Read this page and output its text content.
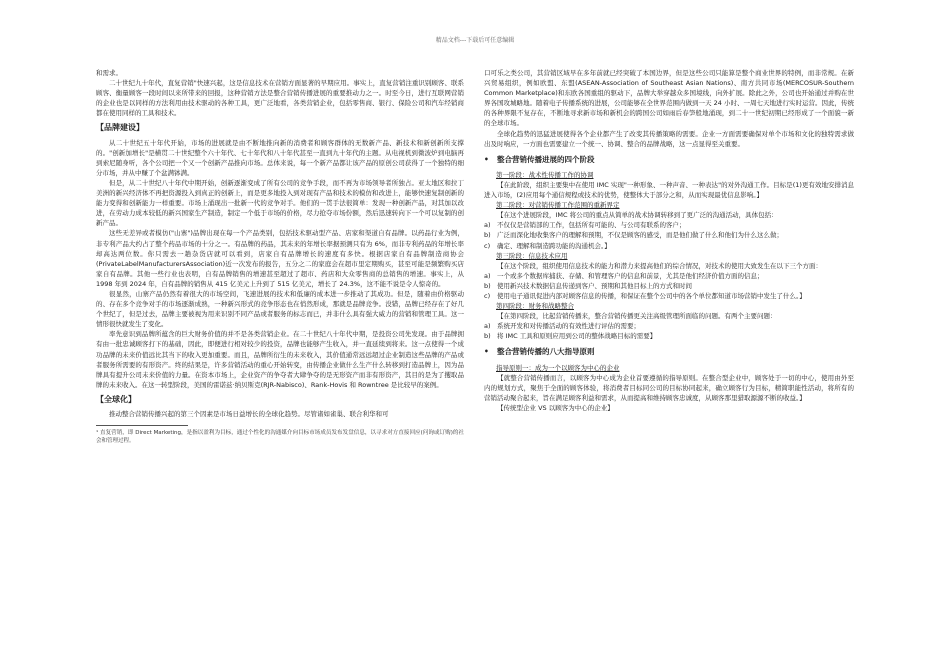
精品文档---下载后可任意编辑

和需求。

二十世纪九十年代，直复营销"快速兴起，这是信息技术在营销方面显著的早期应用。事实上，直复营销注重识别顾客、联系顾客、衡量顾客一段时间以来所带来的回报，这种营销方法是整合营销传播进展的重要推动力之一。时至今日，进行互联网营销的企业也是以同样的方法利用由技术驱动的各种工具，更广泛地看，各类营销企业，包括零售商、银行、保险公司和汽车经销商都在使用同样的工具和技术。

【品牌建设】

从二十世纪五十年代开始，市场的进展就是由不断地推向新的消费者和顾客群体的无数新产品、新技术和新创新所支撑的。"创新加增长"是横贯二十世纪整个六十年代、七十年代和八十年代甚至一直到九十年代的主题。从电视机到微波炉到电脑再到索尼随身听，各个公司把一个又一个创新产品推向市场。总体来说，每一个新产品都让该产品的原创公司获得了一个独特的细分市场，并从中赚了个盆满钵满。

但是，从二十世纪八十年代中期开始，创新逐渐变成了所有公司的竞争手段，而不再为市场领导者所独占。亚太地区和拉丁美洲的新兴经济体不再把资源投入到真正的创新上，而是更多地投入到对现有产品和技术的模仿和改进上，能够快速复制创新的能力变得和创新能力一样重要。市场上涌现出一批新一代的竞争对手。他们的一贯手法很简单：发现一种创新产品，对其加以改进，在劳动力成本较低的新兴国家生产制造，制定一个低于市场的价格，尽力抢夺市场份额，然后迅速转向下一个可以复制的创新产品。

这些无差异或者模仿("山寨")品牌出现在每一个产品类别，包括技术驱动型产品、店家和渠道自有品牌。以药品行业为例，非专利产品大约占了整个药品市场的十分之一。有品牌的药品，其未来的年增长率据预测只有为 6%，而非专利药品的年增长率却高达两位数。你只需去一趟杂货店就可以看到，店家自有品牌增长的速度有多快。根据店家自有品牌制造商协会(PrivateLabelManufacturersAssociation)近一次发布的报告，五分之二的家庭会在超市里定期购买，甚至可能是频繁购买店家自有品牌。其他一些行业也表明，自有品牌销售的增速甚至超过了超市、药店和大众零售商的总销售的增速。事实上，从 1998 年到 2024 年，自有品牌的销售从 415 亿美元上升到了 515 亿美元，增长了 24.3%，这不能不说是令人惊奇的。

很显然，山寨产品仍然有着很大的市场空间，飞速进展的技术和低廉的成本进一步推动了其成功。但是，随着由价格驱动的、存在多个竞争对手的市场逐渐成熟，一种新兴形式的竞争形态也在悄然形成，那就是品牌竞争。没错，品牌已经存在了好几个世纪了，但是过去，品牌主要被视为用来识别不同产品或者服务的标志而已，并非什么具有强大威力的营销和管理工具。这一情形很快就发生了变化。

率先意识到品牌所蕴含的巨大财务价值的并不是各类营销企业。在二十世纪八十年代中期，是投资公司先发现。由于品牌拥有由一批忠诚顾客打下的基础，因此，即便进行相对较少的投资，品牌也能够产生收入，并一直延续到将来。这一点使得一个成功品牌的未来价值远比其当下的收入更加重要。而且，品牌所衍生的未来收入，其价值通常远远超过企业制造这些品牌的产品或者服务所需要的有形资产。终的结果是，许多营销活动的重心开始转变，由传播企业做什么生产什么转移到打造品牌上，因为品牌具有提升公司未来价值的力量。在资本市场上，企业资产的争夺者大肆争夺的是无形资产而非有形资产，其目的是为了攫取品牌的未来收入。在这一转型阶段，美国的雷诺兹·纳贝斯克(RJR-Nabisco)、Rank-Hovis 和 Rowntree 是比较早的案例。

【全球化】

推动整合营销传播兴起的第三个因素是市场日益增长的全球化趋势。尽管诸如雀巢、联合利华和可

¹ 直复营销，即 Direct Marketing，是指以盈利为目标，通过个性化的沟通媒介向目标市场成员发布发盘信息，以寻求对方直接回应(问询或订购)的社会和管理过程。

口可乐之类公司，其营销区域早在多年前就已经突破了本国边界，但是这些公司只能算是整个商业世界的特例，而非常规。在新兴贸易组织，例如欧盟、东盟(ASEAN-Association of Southeast Asian Nations)、南方共同市场(MERCOSUR-Southern Common Marketplace)和东欧各国重组的驱动下，品牌大举穿越众多国境线，向外扩展。除此之外，公司也开始通过并购在世界各国攻城略地。随着电子传播系统的进展，公司能够在全世界范围内做到一天 24 小时、一周七天地进行实时运营。因此，传统的各种界限不复存在，不断地寻求新市场和新机会的跨国公司如雨后春笋般地涌现，到二十一世纪初期已经形成了一个面貌一新的全球市场。

全球化趋势的迅猛进展使得各个企业都产生了改变其传播策略的需要。企业一方面需要确保对单个市场和文化的独特需求做出及时响应，一方面也需要建立一个统一、协调、整合的品牌战略，这一点显得至关重要。

•	整合营销传播进展的四个阶段

第一阶段：战术性传播工作的协调

【在此阶段，组织主要集中在使用 IMC 实现"一种形象、一种声音、一种表达"的对外沟通工作。目标是(1)更有效地安排消息进入市场，(2)应用每个通信规程或技术的优势，使整体大于部分之和，从而实现最优信息影响。】

第二阶段：对营销传播工作范围的重新界定

【在这个进展阶段，IMC 将公司的重点从简单的战术协调转移到了更广泛的沟通活动，具体包括：

a) 不仅仅是营销部的工作，包括所有可能的、与公司有联系的客户；

b) 广泛而深化地收集客户的理解和预期，不仅是顾客的感受，而是他们做了什么和他们为什么这么做；

c)	确定、理解和制造跨功能的沟通机会。】

第三阶段：信息技术应用

【在这个阶段，组织使用信息技术的能力和潜力来提高他们的综合情况，对技术的使用大致发生在以下三个方面：

a) 一个或多个数据库捕获、存储、和管理客户的信息和前景，尤其是他们经济价值方面的信息；

b) 使用新兴技术数据信息传递到客户、预期和其他目标上的方式和时间

c)	使用电子通讯促进内部对顾客信息的传播，和保证在整个公司中的各个单位都知道市场营销中发生了什么。】

第四阶段：财务和战略整合

【在第四阶段，比起营销传播来，整合营销传播更关注高级管理所面临的问题。有两个主要问题：

a) 系统开发和对传播活动的有效性进行评估的需要；

b) 将 IMC 工具和原则应用到公司的整体战略目标的需要】

•	整合营销传播的八大指导原则

指导原则一：成为一个以顾客为中心的企业

【就整合营销传播而言，以顾客为中心成为企业首要遵循的指导原则。在整合型企业中，顾客处于一切的中心，使用由外至内的规划方式，聚焦于全面的顾客体验，将消费者目标同公司的目标协同起来，确立顾客行为目标，精简职能性活动，将所有的营销活动聚合起来，旨在满足顾客利益和需求，从而提高和维持顾客忠诚度，从顾客那里猎取源源不断的收益。】

【传统型企业 VS 以顾客为中心的企业】
